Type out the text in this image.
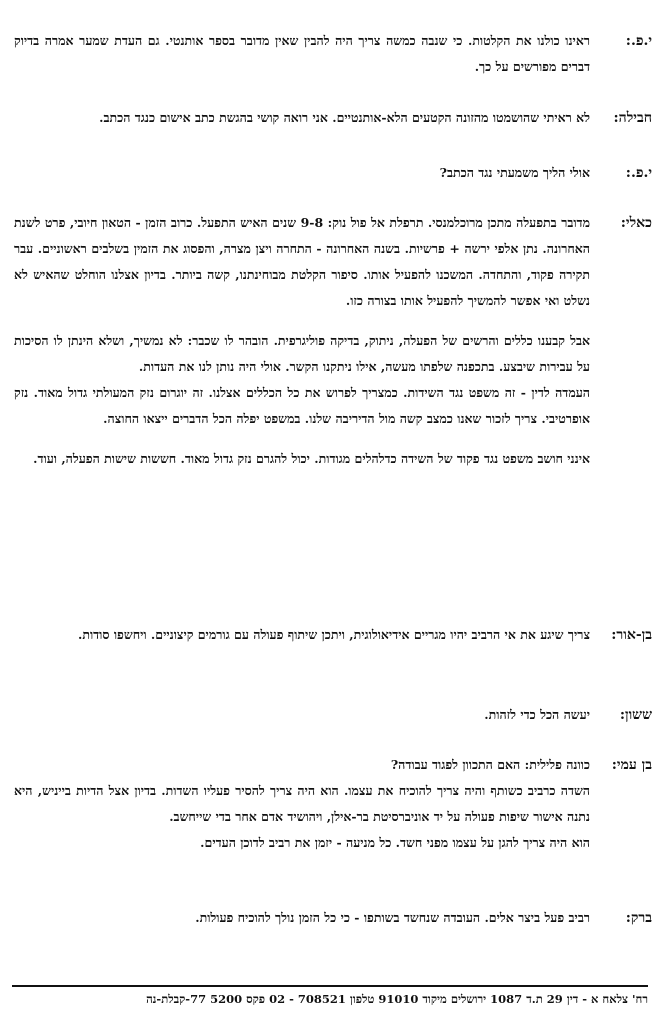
י.פ.:

ראינו כולנו את הקלטות. כי שנבה כמשה צריך היה להבין שאין מדובר בספר אותנטי. גם העדת שמער אמרה בדיוק דברים מפורשים על כך.

חבילה:

לא ראיתי שהושמטו מהזונה הקטעים הלא-אותנטיים. אני רואה קושי בהגשת כתב אישום כנגד הכתב.

י.פ.:

אולי הליך משמעתי נגד הכתב?

כאלי:

מדובר בתפעלה מתכן מרוכלמנסי. תרפלת אל פול נוק: 9-8 שנים האיש התפעל. כרוב הזמן - הטאון חיובי, פרט לשנת האחרונה. נתן אלפי ירשה + פרשיות. בשנה האחרונה - התחרה ויצן מצרה, והפסוג את הזמין בשלבים ראשוניים. עבר תקירה פקוד, והתחדה. המשכנו להפעיל אותו. סיפור הקלטת מבוחינתנו, קשה ביותר. בדיון אצלנו הוחלט שהאיש לא נשלט ואי אפשר להמשיך להפעיל אותו בצורה כזו.

אבל קבענו כללים והרשים של הפעלה, ניתוק, בדיקה פוליגרפית. הובהר לו שכבר: לא נמשיך, ושלא הינתן לו הסיכות על עבירות שיבצע. בתכפנה שלפתו מעשה, אילו ניתקנו הקשר. אולי היה נותן לנו את העדות.

העמדה לדין - זה משפט נגד השידות. כמצריך לפרוש את כל הכללים אצלנו. זה יוגרום נזק המעולתי גדול מאוד. נזק אופרטיבי. צריך לזכור שאנו כמצב קשה מול הדיריבה שלנו. במשפט יפלה הכל הדברים ייצאו החוצה.

אינני חושב משפט נגד פקוד של השידה כדלהלים מגודות. יכול להגרם נזק גדול מאוד. חששות שישות הפעלה, ועוד.

בן-אור:

צריך שיגע את אי הרביב יהיו מגריים אידיאולוגית, ויתכן שיתוף פעולה עם גורמים קיצוניים. ויחשפו סודות.

ששון:

יעשה הכל כדי לזהות.

בן עמי:

כוונה פלילית: האם התכוון לפגוד עבודה?

השדה כרביב כשותף והיה צריך להוכיח את עצמו. הוא היה צריך להסיר פעליו השדות. בדיון אצל הדיות בייניש, היא נתנה אישור שיפות פעולה על יד אוניברסיטת בר-אילן, ויהושיד אדם אחר בדי שייחשב.

הוא היה צריך להגן על עצמו מפני חשד. כל מניעה - יזמן את רביב לדוכן העדים.

ברק:

רביב פעל ביצר אלים. העובדה שנחשד בשותפו - כי כל הזמן נולך להוכיח פעולות.

רח' צלאח א - דין 29 ת.ד 1087 ירושלים מיקוד 91010 טלפון 708521 - 02 פקס 5200 77-קבלת-נה
